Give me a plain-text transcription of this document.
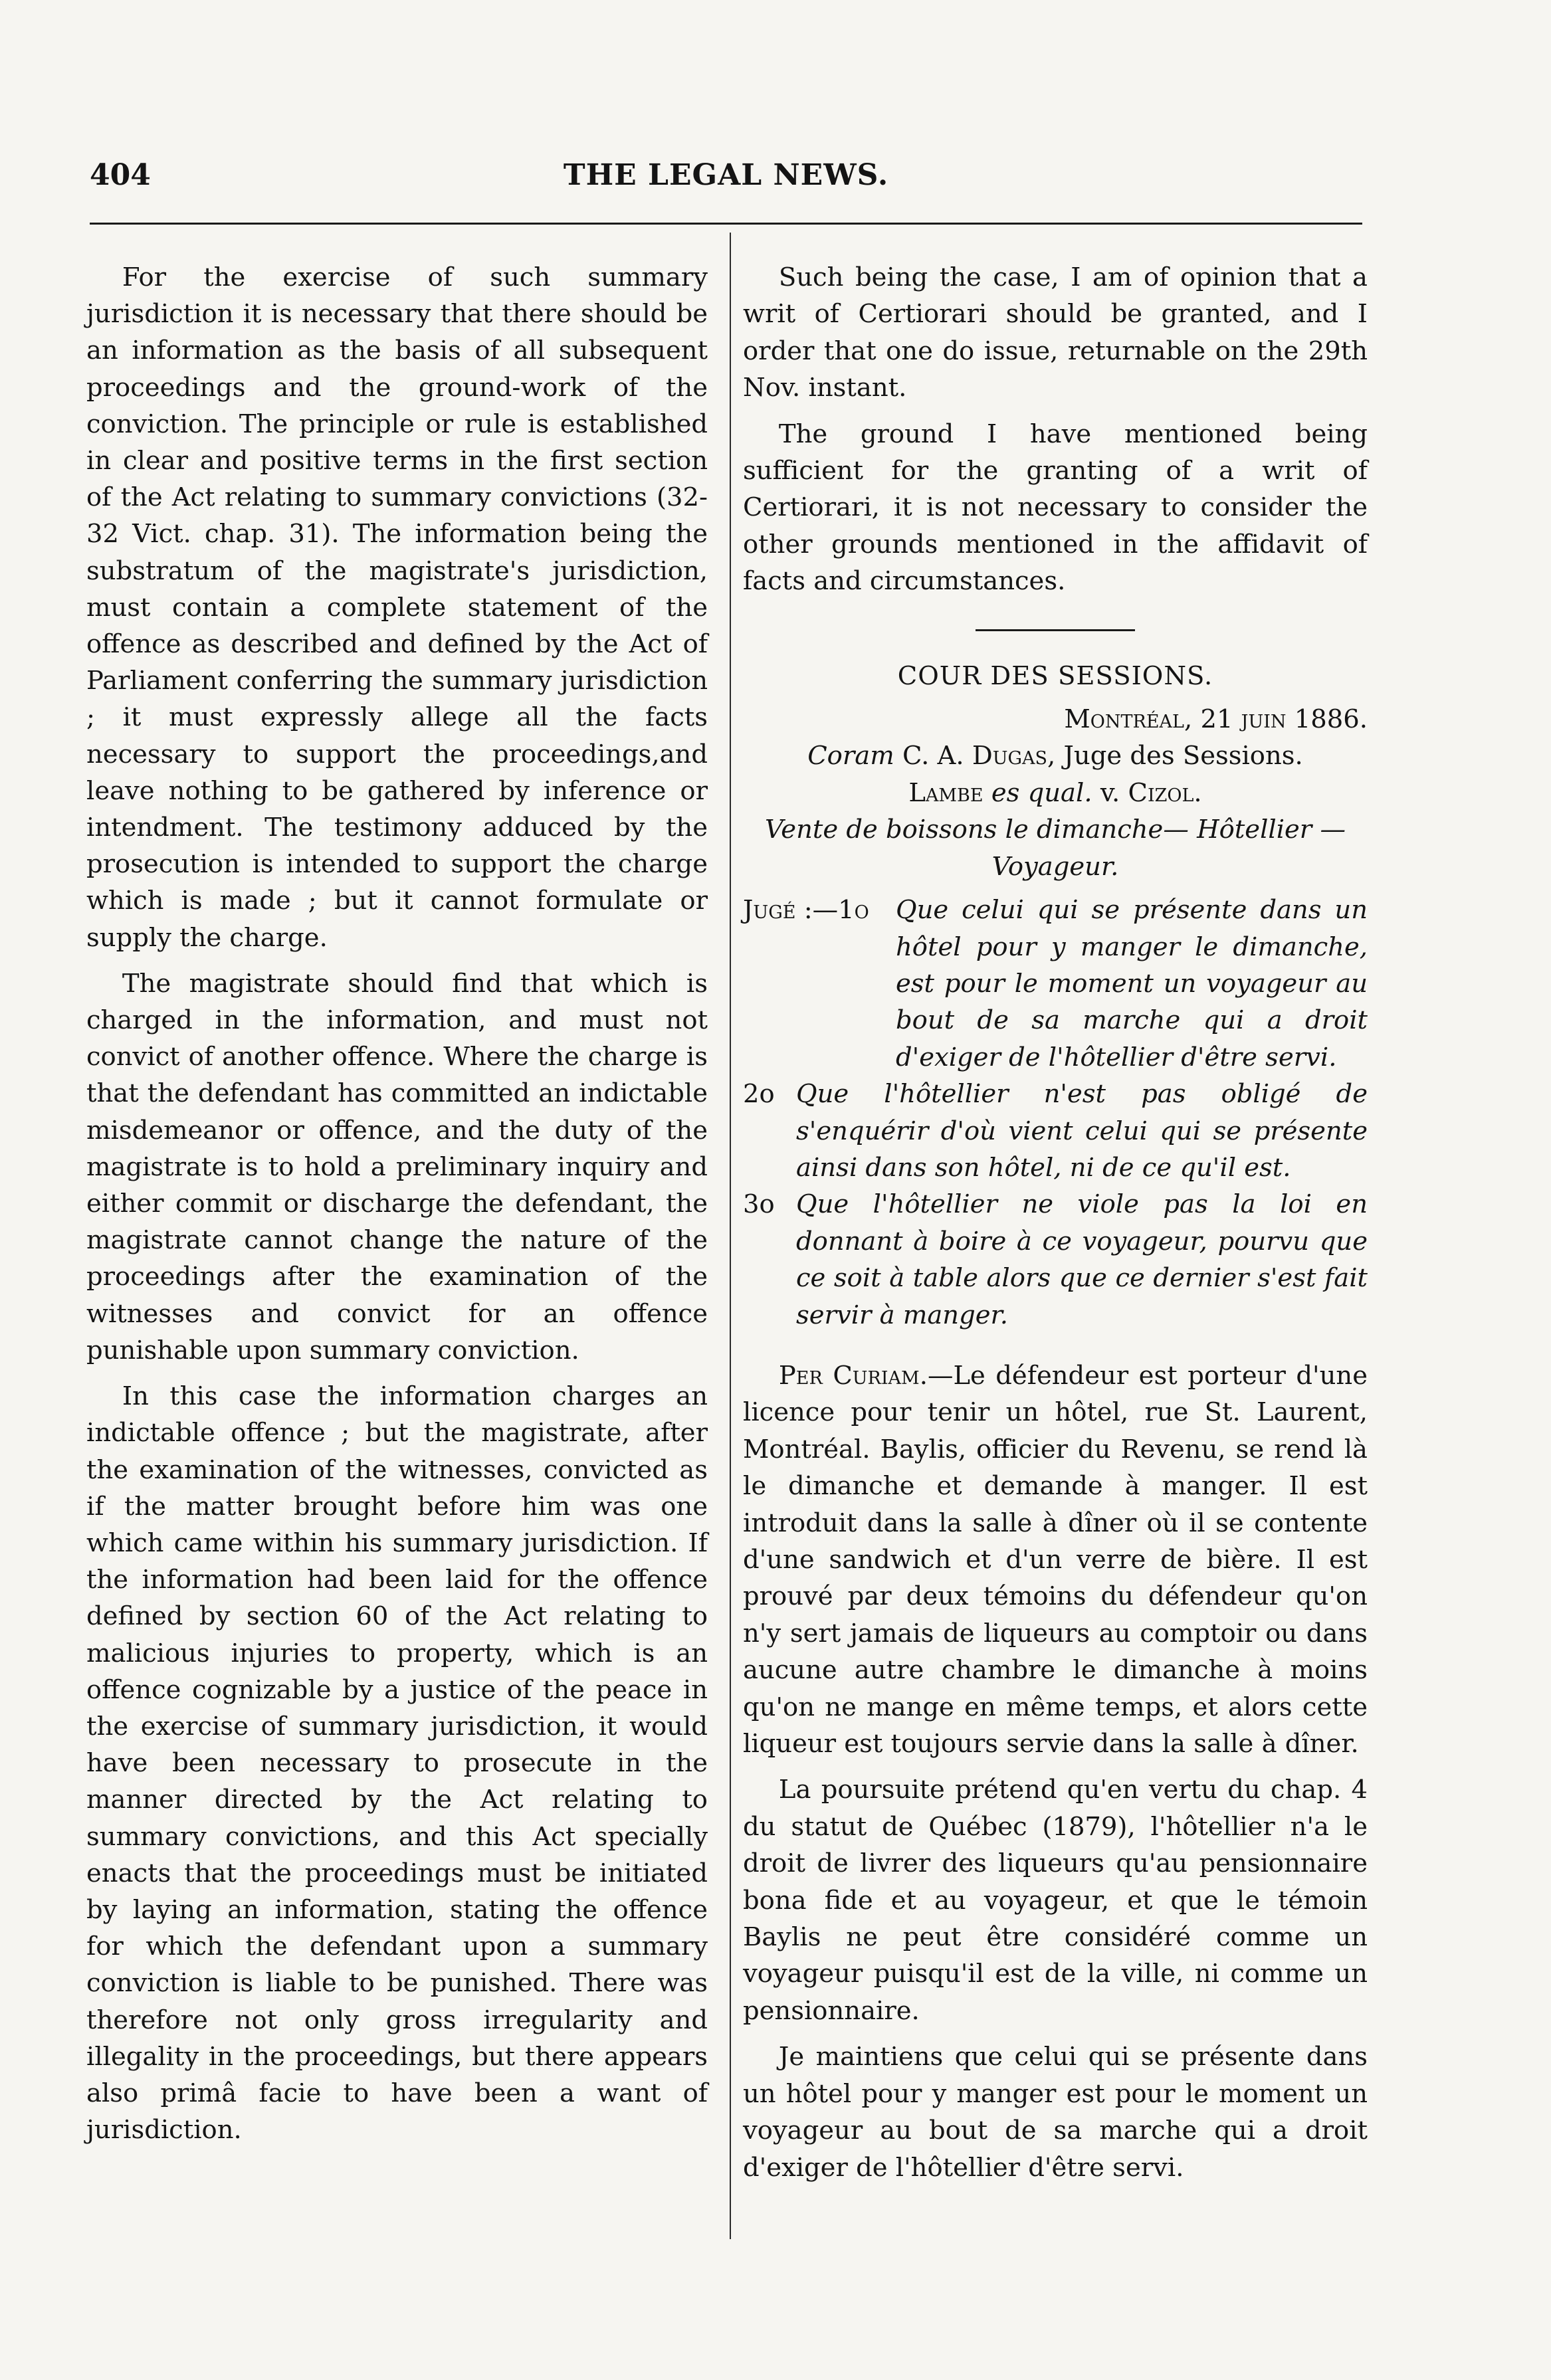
404	THE LEGAL NEWS.

For the exercise of such summary jurisdiction it is necessary that there should be an information as the basis of all subsequent proceedings and the ground-work of the conviction. The principle or rule is established in clear and positive terms in the first section of the Act relating to summary convictions (32-32 Vict. chap. 31). The information being the substratum of the magistrate's jurisdiction, must contain a complete statement of the offence as described and defined by the Act of Parliament conferring the summary jurisdiction ; it must expressly allege all the facts necessary to support the proceedings,and leave nothing to be gathered by inference or intendment. The testimony adduced by the prosecution is intended to support the charge which is made ; but it cannot formulate or supply the charge.

The magistrate should find that which is charged in the information, and must not convict of another offence. Where the charge is that the defendant has committed an indictable misdemeanor or offence, and the duty of the magistrate is to hold a preliminary inquiry and either commit or discharge the defendant, the magistrate cannot change the nature of the proceedings after the examination of the witnesses and convict for an offence punishable upon summary conviction.

In this case the information charges an indictable offence ; but the magistrate, after the examination of the witnesses, convicted as if the matter brought before him was one which came within his summary jurisdiction. If the information had been laid for the offence defined by section 60 of the Act relating to malicious injuries to property, which is an offence cognizable by a justice of the peace in the exercise of summary jurisdiction, it would have been necessary to prosecute in the manner directed by the Act relating to summary convictions, and this Act specially enacts that the proceedings must be initiated by laying an information, stating the offence for which the defendant upon a summary conviction is liable to be punished. There was therefore not only gross irregularity and illegality in the proceedings, but there appears also primâ facie to have been a want of jurisdiction.

Such being the case, I am of opinion that a writ of Certiorari should be granted, and I order that one do issue, returnable on the 29th Nov. instant.

The ground I have mentioned being sufficient for the granting of a writ of Certiorari, it is not necessary to consider the other grounds mentioned in the affidavit of facts and circumstances.

COUR DES SESSIONS.

Montréal, 21 juin 1886.

Coram C. A. Dugas, Juge des Sessions.

Lambe es qual. v. Cizol.

Vente de boissons le dimanche— Hôtellier — Voyageur.

Jugé :—1o	Que celui qui se présente dans un hôtel pour y manger le dimanche, est pour le moment un voyageur au bout de sa marche qui a droit d'exiger de l'hôtellier d'être servi.
2o Que l'hôtellier n'est pas obligé de s'enquérir d'où vient celui qui se présente ainsi dans son hôtel, ni de ce qu'il est.
3o Que l'hôtellier ne viole pas la loi en donnant à boire à ce voyageur, pourvu que ce soit à table alors que ce dernier s'est fait servir à manger.

Per Curiam.—Le défendeur est porteur d'une licence pour tenir un hôtel, rue St. Laurent, Montréal. Baylis, officier du Revenu, se rend là le dimanche et demande à manger. Il est introduit dans la salle à dîner où il se contente d'une sandwich et d'un verre de bière. Il est prouvé par deux témoins du défendeur qu'on n'y sert jamais de liqueurs au comptoir ou dans aucune autre chambre le dimanche à moins qu'on ne mange en même temps, et alors cette liqueur est toujours servie dans la salle à dîner.

La poursuite prétend qu'en vertu du chap. 4 du statut de Québec (1879), l'hôtellier n'a le droit de livrer des liqueurs qu'au pensionnaire bona fide et au voyageur, et que le témoin Baylis ne peut être considéré comme un voyageur puisqu'il est de la ville, ni comme un pensionnaire.

Je maintiens que celui qui se présente dans un hôtel pour y manger est pour le moment un voyageur au bout de sa marche qui a droit d'exiger de l'hôtellier d'être servi.
